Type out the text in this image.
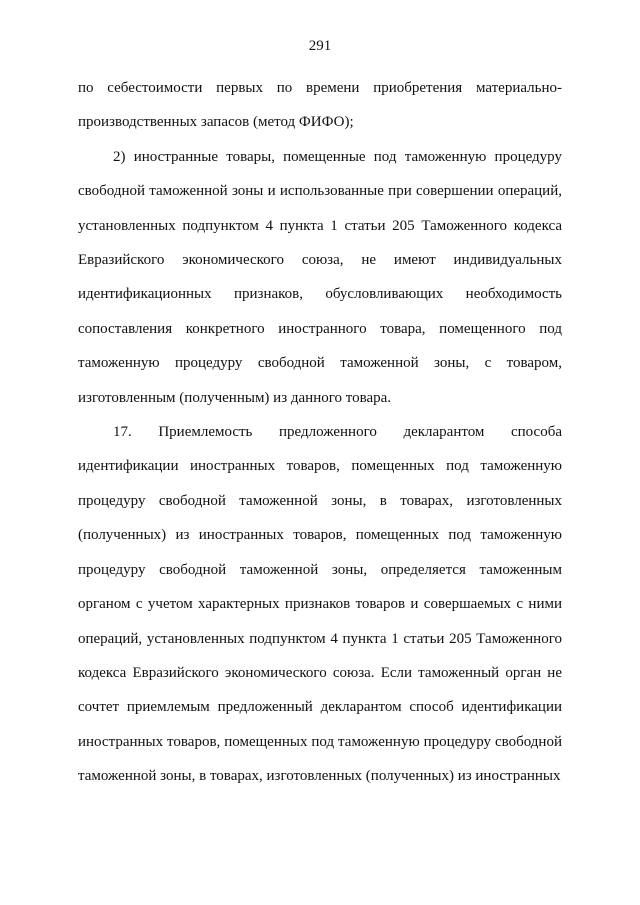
291

по себестоимости первых по времени приобретения материально-производственных запасов (метод ФИФО);

2) иностранные товары, помещенные под таможенную процедуру свободной таможенной зоны и использованные при совершении операций, установленных подпунктом 4 пункта 1 статьи 205 Таможенного кодекса Евразийского экономического союза, не имеют индивидуальных идентификационных признаков, обусловливающих необходимость сопоставления конкретного иностранного товара, помещенного под таможенную процедуру свободной таможенной зоны, с товаром, изготовленным (полученным) из данного товара.

17. Приемлемость предложенного декларантом способа идентификации иностранных товаров, помещенных под таможенную процедуру свободной таможенной зоны, в товарах, изготовленных (полученных) из иностранных товаров, помещенных под таможенную процедуру свободной таможенной зоны, определяется таможенным органом с учетом характерных признаков товаров и совершаемых с ними операций, установленных подпунктом 4 пункта 1 статьи 205 Таможенного кодекса Евразийского экономического союза. Если таможенный орган не сочтет приемлемым предложенный декларантом способ идентификации иностранных товаров, помещенных под таможенную процедуру свободной таможенной зоны, в товарах, изготовленных (полученных) из иностранных
